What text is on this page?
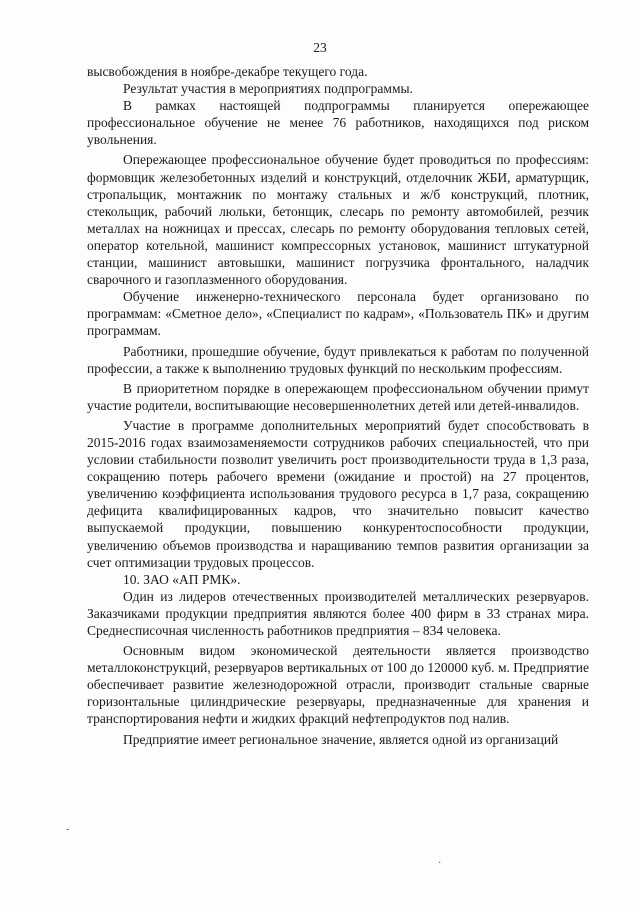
23

высвобождения в ноябре-декабре текущего года.

Результат участия в мероприятиях подпрограммы.

В рамках настоящей подпрограммы планируется опережающее профессиональное обучение не менее 76 работников, находящихся под риском увольнения.

Опережающее профессиональное обучение будет проводиться по профессиям: формовщик железобетонных изделий и конструкций, отделочник ЖБИ, арматурщик, стропальщик, монтажник по монтажу стальных и ж/б конструкций, плотник, стекольщик, рабочий люльки, бетонщик, слесарь по ремонту автомобилей, резчик металлах на ножницах и прессах, слесарь по ремонту оборудования тепловых сетей, оператор котельной, машинист компрессорных установок, машинист штукатурной станции, машинист автовышки, машинист погрузчика фронтального, наладчик сварочного и газоплазменного оборудования.

Обучение инженерно-технического персонала будет организовано по программам: «Сметное дело», «Специалист по кадрам», «Пользователь ПК» и другим программам.

Работники, прошедшие обучение, будут привлекаться к работам по полученной профессии, а также к выполнению трудовых функций по нескольким профессиям.

В приоритетном порядке в опережающем профессиональном обучении примут участие родители, воспитывающие несовершеннолетних детей или детей-инвалидов.

Участие в программе дополнительных мероприятий будет способствовать в 2015-2016 годах взаимозаменяемости сотрудников рабочих специальностей, что при условии стабильности позволит увеличить рост производительности труда в 1,3 раза, сокращению потерь рабочего времени (ожидание и простой) на 27 процентов, увеличению коэффициента использования трудового ресурса в 1,7 раза, сокращению дефицита квалифицированных кадров, что значительно повысит качество выпускаемой продукции, повышению конкурентоспособности продукции, увеличению объемов производства и наращиванию темпов развития организации за счет оптимизации трудовых процессов.

10. ЗАО «АП РМК».

Один из лидеров отечественных производителей металлических резервуаров. Заказчиками продукции предприятия являются более 400 фирм в 33 странах мира. Среднесписочная численность работников предприятия – 834 человека.

Основным видом экономической деятельности является производство металлоконструкций, резервуаров вертикальных от 100 до 120000 куб. м. Предприятие обеспечивает развитие железнодорожной отрасли, производит стальные сварные горизонтальные цилиндрические резервуары, предназначенные для хранения и транспортирования нефти и жидких фракций нефтепродуктов под налив.

Предприятие имеет региональное значение, является одной из организаций

-
·
